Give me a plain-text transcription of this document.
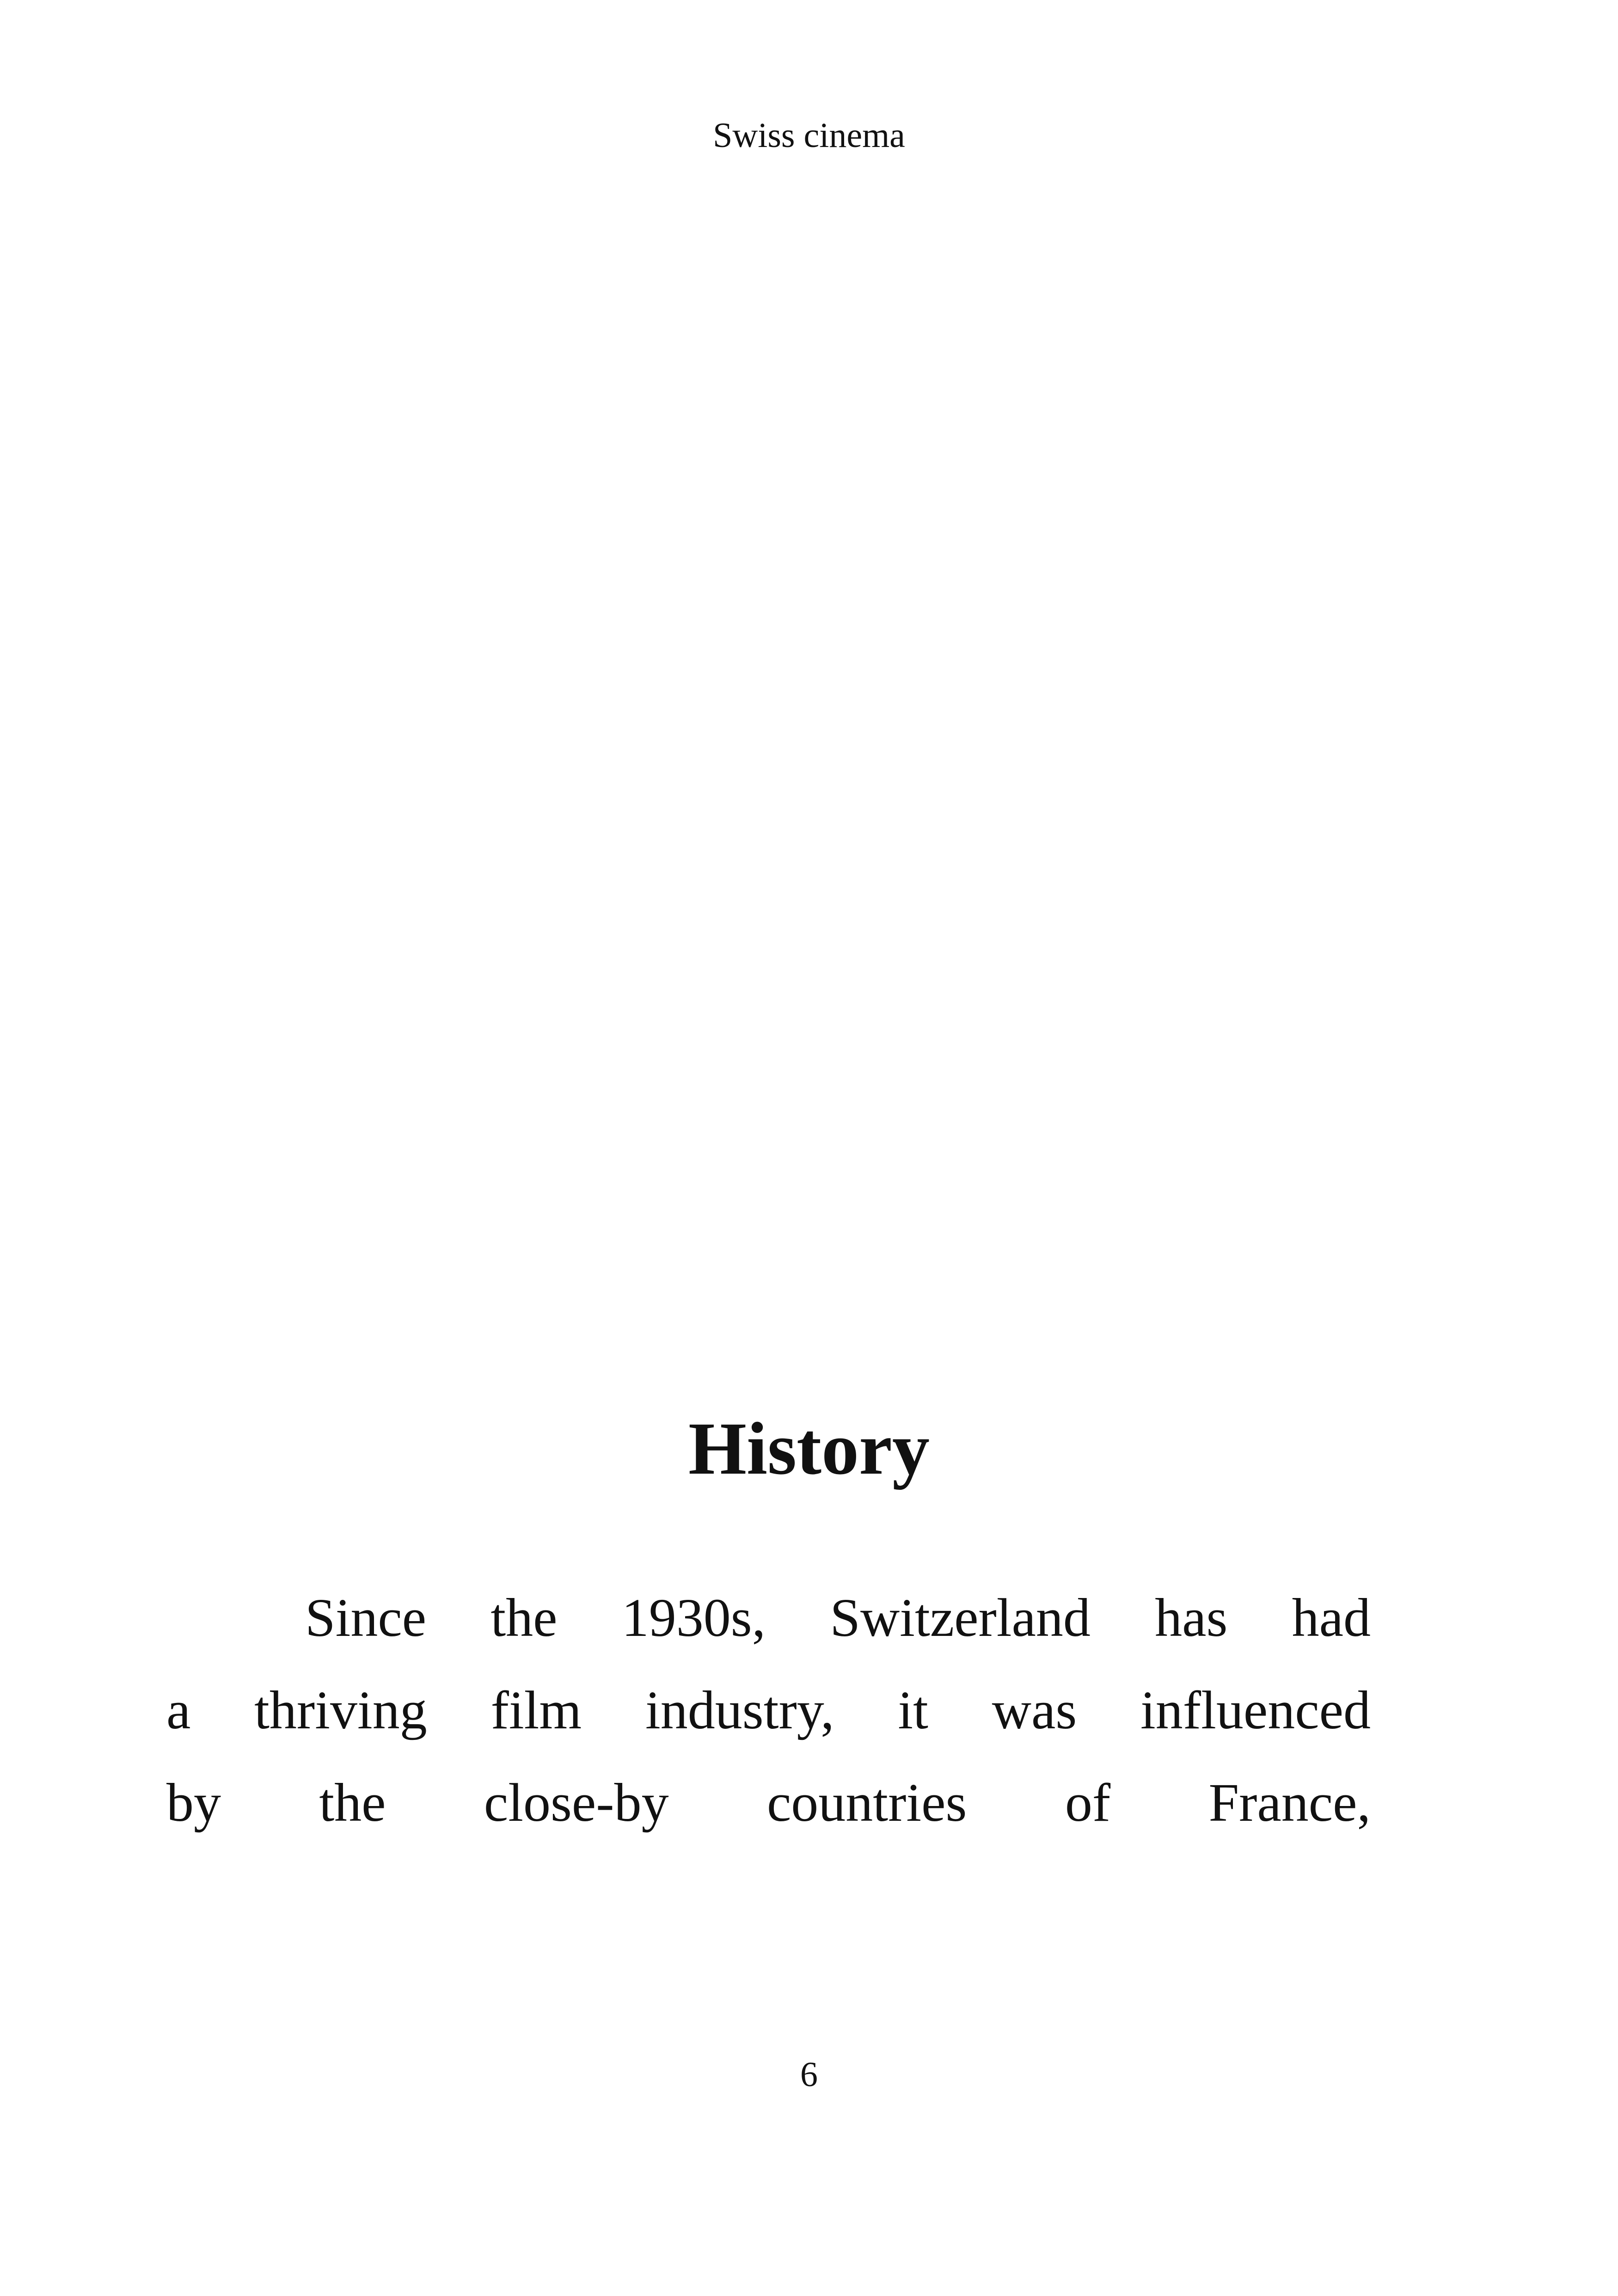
Swiss cinema
History
Since the 1930s, Switzerland has had
a thriving film industry, it was influenced
by the close-by countries of France,
6
